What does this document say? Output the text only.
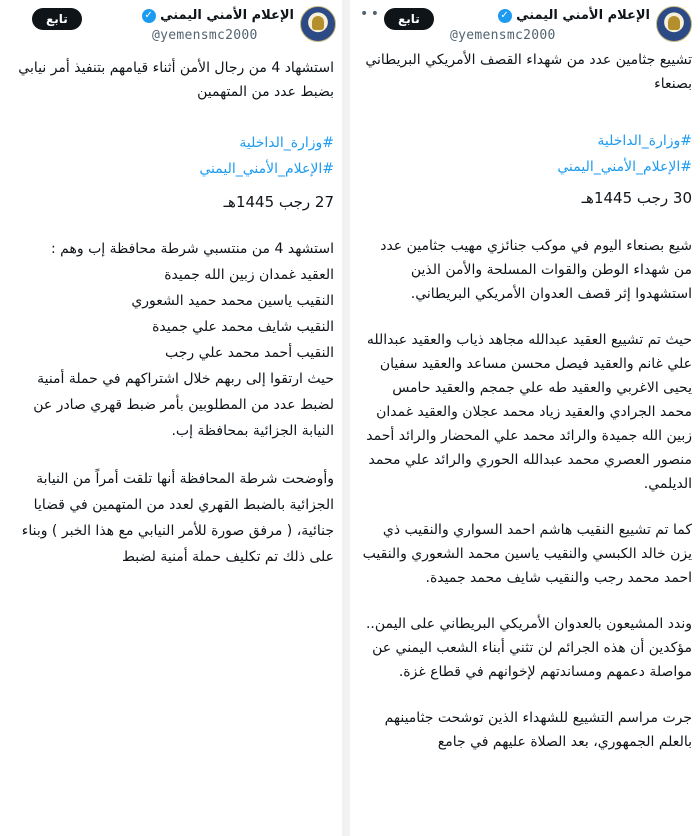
الإعلام الأمني اليمني ✓
@yemensmc2000
تابع

استشهاد 4 من رجال الأمن أثناء قيامهم بتنفيذ أمر نيابي بضبط عدد من المتهمين

#وزارة_الداخلية
#الإعلام_الأمني_اليمني
27 رجب 1445هـ

استشهد 4 من منتسبي شرطة محافظة إب وهم :

العقيد غمدان زبين الله جميدة

النقيب ياسين محمد حميد الشعوري

النقيب شايف محمد علي جميدة

النقيب أحمد محمد علي رجب

حيث ارتقوا إلى ربهم خلال اشتراكهم في حملة أمنية لضبط عدد من المطلوبين بأمر ضبط قهري صادر عن النيابة الجزائية بمحافظة إب.

وأوضحت شرطة المحافظة أنها تلقت أمراً من النيابة الجزائية بالضبط القهري لعدد من المتهمين في قضايا جنائية، ( مرفق صورة للأمر النيابي مع هذا الخبر ) وبناء على ذلك تم تكليف حملة أمنية لضبط

الإعلام الأمني اليمني ✓
@yemensmc2000
تابع
• •

تشييع جثامين عدد من شهداء القصف الأمريكي البريطاني بصنعاء

#وزارة_الداخلية
#الإعلام_الأمني_اليمني
30 رجب 1445هـ

شيع بصنعاء اليوم في موكب جنائزي مهيب جثامين عدد من شهداء الوطن والقوات المسلحة والأمن الذين استشهدوا إثر قصف العدوان الأمريكي البريطاني.

حيث تم تشييع العقيد عبدالله مجاهد ذياب والعقيد عبدالله علي غانم والعقيد فيصل محسن مساعد والعقيد سفيان يحيى الاغربي والعقيد طه علي جمجم والعقيد حامس محمد الجرادي والعقيد زياد محمد عجلان والعقيد غمدان زبين الله جميدة والرائد محمد علي المحضار والرائد أحمد منصور العصري محمد عبدالله الحوري والرائد علي محمد الديلمي.

كما تم تشييع النقيب هاشم احمد السواري والنقيب ذي يزن خالد الكبسي والنقيب ياسين محمد الشعوري والنقيب احمد محمد رجب والنقيب شايف محمد جميدة.

وندد المشيعون بالعدوان الأمريكي البريطاني على اليمن.. مؤكدين أن هذه الجرائم لن تثني أبناء الشعب اليمني عن مواصلة دعمهم ومساندتهم لإخوانهم في قطاع غزة.

جرت مراسم التشييع للشهداء الذين توشحت جثامينهم بالعلم الجمهوري، بعد الصلاة عليهم في جامع
